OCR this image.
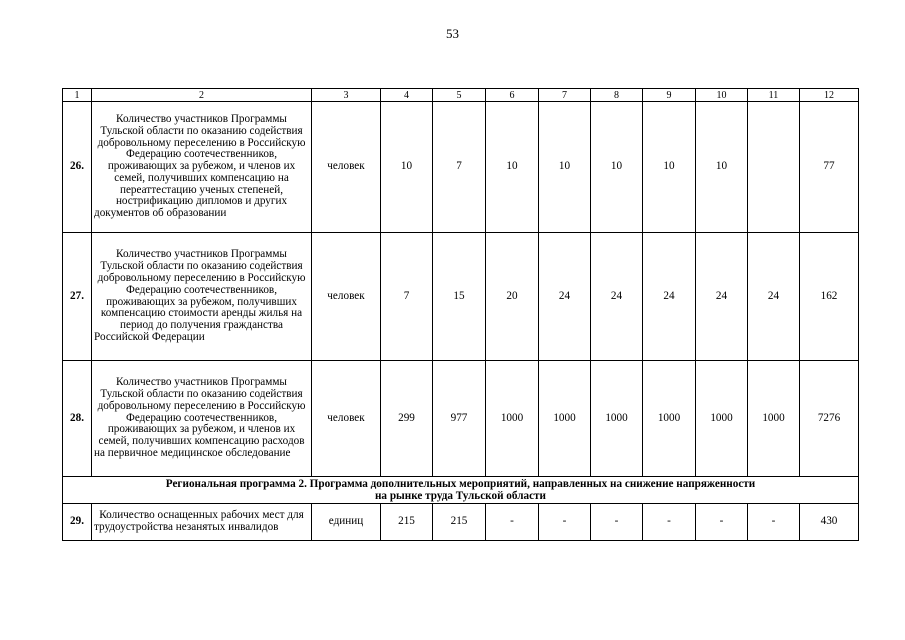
53
1	2	3	4	5	6	7	8	9	10	11	12
26.	Количество участников Программы Тульской области по оказанию содействия добровольному переселению в Российскую Федерацию соотечественников, проживающих за рубежом, и членов их семей, получивших компенсацию на переаттестацию ученых степеней, нострификацию дипломов и других документов об образовании	человек	10	7	10	10	10	10	10		77
27.	Количество участников Программы Тульской области по оказанию содействия добровольному переселению в Российскую Федерацию соотечественников, проживающих за рубежом, получивших компенсацию стоимости аренды жилья на период до получения гражданства Российской Федерации	человек	7	15	20	24	24	24	24	24	162
28.	Количество участников Программы Тульской области по оказанию содействия добровольному переселению в Российскую Федерацию соотечественников, проживающих за рубежом, и членов их семей, получивших компенсацию расходов на первичное медицинское обследование	человек	299	977	1000	1000	1000	1000	1000	1000	7276

Региональная программа 2. Программа дополнительных мероприятий, направленных на снижение напряженности
на рынке труда Тульской области											

29.	Количество оснащенных рабочих мест для трудоустройства незанятых инвалидов	единиц	215	215	-	-	-	-	-	-	430
